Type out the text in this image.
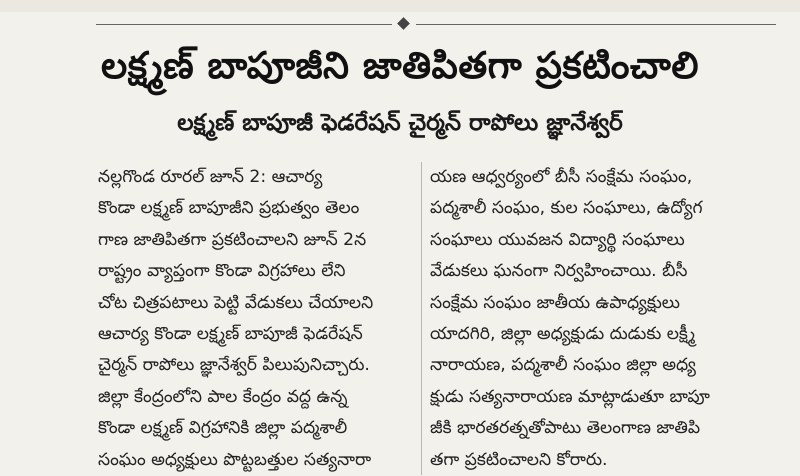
లక్ష్మణ్ బాపూజీని జాతిపితగా ప్రకటించాలి
లక్ష్మణ్ బాపూజీ ఫెడరేషన్ చైర్మన్ రాపోలు జ్ఞానేశ్వర్
నల్లగొండ రూరల్ జూన్ 2: ఆచార్య
కొండా లక్ష్మణ్ బాపూజీని ప్రభుత్వం తెలం
గాణ జాతిపితగా ప్రకటించాలని జూన్ 2న
రాష్ట్రం వ్యాప్తంగా కొండా విగ్రహాలు లేని
చోట చిత్రపటాలు పెట్టి వేడుకలు చేయాలని
ఆచార్య కొండా లక్ష్మణ్ బాపూజీ ఫెడరేషన్
చైర్మన్ రాపోలు జ్ఞానేశ్వర్ పిలుపునిచ్చారు.
జిల్లా కేంద్రంలోని పాల కేంద్రం వద్ద ఉన్న
కొండా లక్ష్మణ్ విగ్రహానికి జిల్లా పద్మశాలీ
సంఘం అధ్యక్షులు పొట్టబత్తుల సత్యనారా
యణ ఆధ్వర్యంలో బీసీ సంక్షేమ సంఘం,
పద్మశాలీ సంఘం, కుల సంఘాలు, ఉద్యోగ
సంఘాలు యువజన విద్యార్థి సంఘాలు
వేడుకలు ఘనంగా నిర్వహించాయి. బీసీ
సంక్షేమ సంఘం జాతీయ ఉపాధ్యక్షులు
యాదగిరి, జిల్లా అధ్యక్షుడు దుడుకు లక్ష్మీ
నారాయణ, పద్మశాలీ సంఘం జిల్లా అధ్య
క్షుడు సత్యనారాయణ మాట్లాడుతూ బాపూ
జీకి భారతరత్నతోపాటు తెలంగాణ జాతిపి
తగా ప్రకటించాలని కోరారు.
